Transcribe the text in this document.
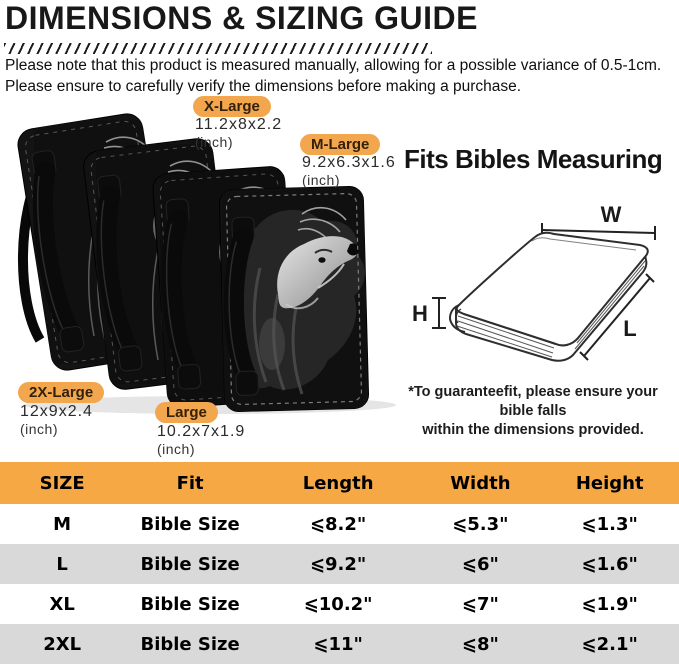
DIMENSIONS & SIZING GUIDE
Please note that this product is measured manually, allowing for a possible variance of 0.5-1cm.
Please ensure to carefully verify the dimensions before making a purchase.
X-Large
11.2x8x2.2
(inch)	M-Large
9.2x6.3x1.6
(inch)
2X-Large
12x9x2.4
(inch)
Large
10.2x7x1.9
(inch)
Fits Bibles Measuring
W
H
L
*To guaranteefit, please ensure your bible falls
within the dimensions provided.
SIZE	Fit	Length	Width	Height
M	Bible Size	⩽8.2"	⩽5.3"	⩽1.3"
L	Bible Size	⩽9.2"	⩽6"	⩽1.6"
XL	Bible Size	⩽10.2"	⩽7"	⩽1.9"
2XL	Bible Size	⩽11"	⩽8"	⩽2.1"
